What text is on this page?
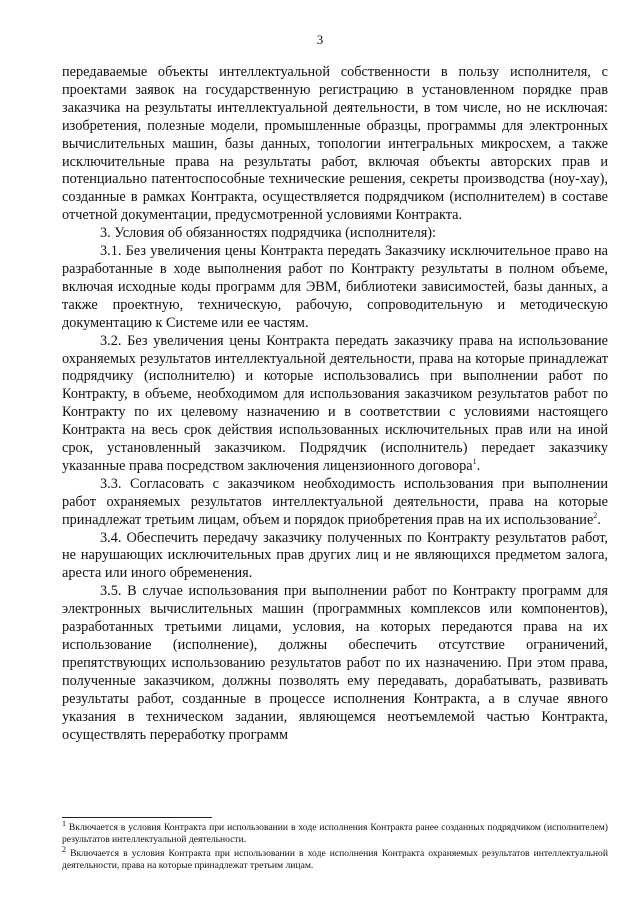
3

передаваемые объекты интеллектуальной собственности в пользу исполнителя, с проектами заявок на государственную регистрацию в установленном порядке прав заказчика на результаты интеллектуальной деятельности, в том числе, но не исключая: изобретения, полезные модели, промышленные образцы, программы для электронных вычислительных машин, базы данных, топологии интегральных микросхем, а также исключительные права на результаты работ, включая объекты авторских прав и потенциально патентоспособные технические решения, секреты производства (ноу-хау), созданные в рамках Контракта, осуществляется подрядчиком (исполнителем) в составе отчетной документации, предусмотренной условиями Контракта.

3. Условия об обязанностях подрядчика (исполнителя):

3.1. Без увеличения цены Контракта передать Заказчику исключительное право на разработанные в ходе выполнения работ по Контракту результаты в полном объеме, включая исходные коды программ для ЭВМ, библиотеки зависимостей, базы данных, а также проектную, техническую, рабочую, сопроводительную и методическую документацию к Системе или ее частям.

3.2. Без увеличения цены Контракта передать заказчику права на использование охраняемых результатов интеллектуальной деятельности, права на которые принадлежат подрядчику (исполнителю) и которые использовались при выполнении работ по Контракту, в объеме, необходимом для использования заказчиком результатов работ по Контракту по их целевому назначению и в соответствии с условиями настоящего Контракта на весь срок действия использованных исключительных прав или на иной срок, установленный заказчиком. Подрядчик (исполнитель) передает заказчику указанные права посредством заключения лицензионного договора$^1$.

3.3. Согласовать с заказчиком необходимость использования при выполнении работ охраняемых результатов интеллектуальной деятельности, права на которые принадлежат третьим лицам, объем и порядок приобретения прав на их использование$^2$.

3.4. Обеспечить передачу заказчику полученных по Контракту результатов работ, не нарушающих исключительных прав других лиц и не являющихся предметом залога, ареста или иного обременения.

3.5. В случае использования при выполнении работ по Контракту программ для электронных вычислительных машин (программных комплексов или компонентов), разработанных третьими лицами, условия, на которых передаются права на их использование (исполнение), должны обеспечить отсутствие ограничений, препятствующих использованию результатов работ по их назначению. При этом права, полученные заказчиком, должны позволять ему передавать, дорабатывать, развивать результаты работ, созданные в процессе исполнения Контракта, а в случае явного указания в техническом задании, являющемся неотъемлемой частью Контракта, осуществлять переработку программ

$^1$ Включается в условия Контракта при использовании в ходе исполнения Контракта ранее созданных подрядчиком (исполнителем) результатов интеллектуальной деятельности.

$^2$ Включается в условия Контракта при использовании в ходе исполнения Контракта охраняемых результатов интеллектуальной деятельности, права на которые принадлежат третьим лицам.
